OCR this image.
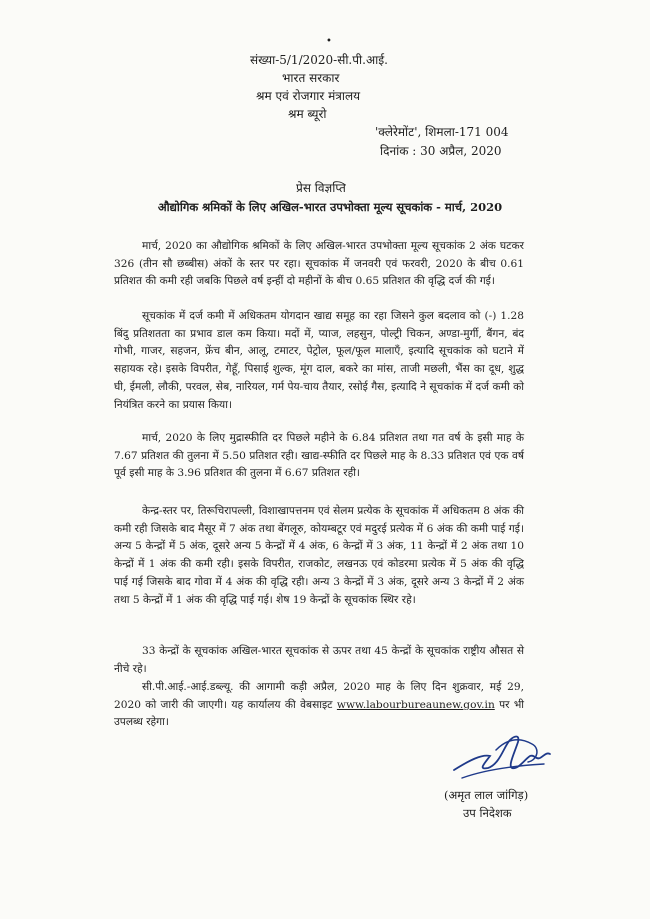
•
संख्या-5/1/2020-सी.पी.आई.
भारत सरकार
श्रम एवं रोजगार मंत्रालय
श्रम ब्यूरो
'क्लेरेमोंट', शिमला-171 004
दिनांक : 30 अप्रैल, 2020
प्रेस विज्ञप्ति
औद्योगिक श्रमिकों के लिए अखिल-भारत उपभोक्ता मूल्य सूचकांक - मार्च, 2020

मार्च, 2020 का औद्योगिक श्रमिकों के लिए अखिल-भारत उपभोक्ता मूल्य सूचकांक 2 अंक घटकर 326 (तीन सौ छब्बीस) अंकों के स्तर पर रहा। सूचकांक में जनवरी एवं फरवरी, 2020 के बीच 0.61 प्रतिशत की कमी रही जबकि पिछले वर्ष इन्हीं दो महीनों के बीच 0.65 प्रतिशत की वृद्धि दर्ज की गई।

सूचकांक में दर्ज कमी में अधिकतम योगदान खाद्य समूह का रहा जिसने कुल बदलाव को (-) 1.28 बिंदु प्रतिशतता का प्रभाव डाल कम किया। मदों में, प्याज, लहसुन, पोल्ट्री चिकन, अण्डा-मुर्गी, बैंगन, बंद गोभी, गाजर, सहजन, फ्रेंच बीन, आलू, टमाटर, पेट्रोल, फूल/फूल मालाएँ, इत्यादि सूचकांक को घटाने में सहायक रहे। इसके विपरीत, गेहूँ, पिसाई शुल्क, मूंग दाल, बकरे का मांस, ताजी मछली, भैंस का दूध, शुद्ध घी, ईमली, लौकी, परवल, सेब, नारियल, गर्म पेय-चाय तैयार, रसोई गैस, इत्यादि ने सूचकांक में दर्ज कमी को नियंत्रित करने का प्रयास किया।

मार्च, 2020 के लिए मुद्रास्फीति दर पिछले महीने के 6.84 प्रतिशत तथा गत वर्ष के इसी माह के 7.67 प्रतिशत की तुलना में 5.50 प्रतिशत रही। खाद्य-स्फीति दर पिछले माह के 8.33 प्रतिशत एवं एक वर्ष पूर्व इसी माह के 3.96 प्रतिशत की तुलना में 6.67 प्रतिशत रही।

केन्द्र-स्तर पर, तिरूचिरापल्ली, विशाखापत्तनम एवं सेलम प्रत्येक के सूचकांक में अधिकतम 8 अंक की कमी रही जिसके बाद मैसूर में 7 अंक तथा बेंगलूरु, कोयम्बटूर एवं मदुरई प्रत्येक में 6 अंक की कमी पाई गई। अन्य 5 केन्द्रों में 5 अंक, दूसरे अन्य 5 केन्द्रों में 4 अंक, 6 केन्द्रों में 3 अंक, 11 केन्द्रों में 2 अंक तथा 10 केन्द्रों में 1 अंक की कमी रही। इसके विपरीत, राजकोट, लखनऊ एवं कोडरमा प्रत्येक में 5 अंक की वृद्धि पाई गई जिसके बाद गोवा में 4 अंक की वृद्धि रही। अन्य 3 केन्द्रों में 3 अंक, दूसरे अन्य 3 केन्द्रों में 2 अंक तथा 5 केन्द्रों में 1 अंक की वृद्धि पाई गई। शेष 19 केन्द्रों के सूचकांक स्थिर रहे।

33 केन्द्रों के सूचकांक अखिल-भारत सूचकांक से ऊपर तथा 45 केन्द्रों के सूचकांक राष्ट्रीय औसत से नीचे रहे।

सी.पी.आई.-आई.डब्ल्यू. की आगामी कड़ी अप्रैल, 2020 माह के लिए दिन शुक्रवार, मई 29, 2020 को जारी की जाएगी। यह कार्यालय की वेबसाइट www.labourbureaunew.gov.in पर भी उपलब्ध रहेगा।

(अमृत लाल जांगिड़)
उप निदेशक
